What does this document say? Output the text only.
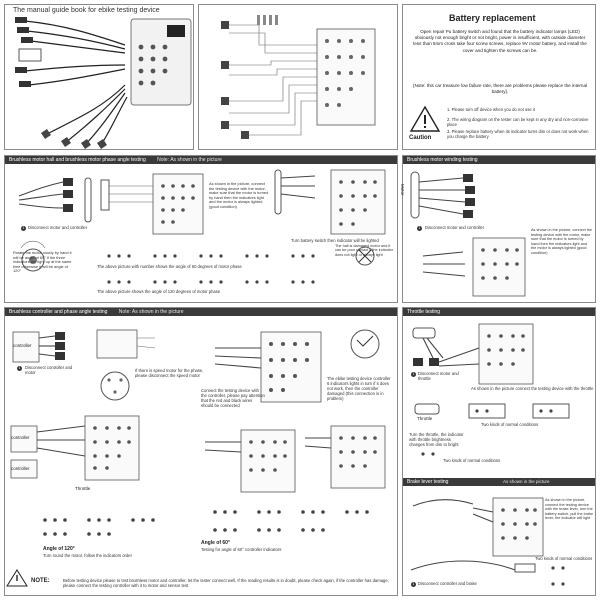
The manual guide book for ebike testing device
Battery replacement
Open repair Pu battery switch and found that the battery indicator lamps (LED) obviously not enough bright or not bright, power is insufficient, with outside diameter less than 5mm cross take four screw screws, replace 9V motor battery, and install the cover and tighten the screws can be.
(Note: this car treasure low failure rate, there are problems please replace the internal battery).
1. Please turn off device when you do not use it
2. The wiring diagram on the tester can be kept in any dry and non-corrosive place
3. Please replace battery when its indicator turns dim or does not work when you charge the battery
Caution
Brushless motor hall and brushless motor phase angle testing Note: As shown in the picture
1 Disconnect motor and controller
Rotate the motor slowly by hand it will be angle of 60° if the three indicators are light up at the same time otherwise it will be angle of 120°
As shown in the picture, connect the testing device with the motor, make sure that the motor is turned by hand then the indicators light and the motor is always lighted (good condition)
Turn battery switch then indicator will be lighted
The hall is damaged motor and it can be poor contact if the indicator does not light or always light
The above picture with number shows the angle of 60 degrees of motor phase
The above picture shows the angle of 120 degrees of motor phase
Brushless motor winding testing
Motor
1	Disconnect motor and controller	As shown in the picture, connect the testing device with the motor, make sure that the motor is turned by hand then the indicators light and the motor is always lighted (good condition)
Brushless controller and phase angle testing Note: As shown in the picture
controller
controller
controller
Throttle
1	Disconnect controller and motor	If there is speed motor for the phase, please disconnect the speed motor
Connect the testing device with the controller, please pay attention that the red and black wires should be connected
The ebike testing device controller 6 indicators lights in turn if it does not work, then the controller damaged (this connection is in problem)
Angle of 120°
Turn round the motor, follow the indicators order
Angle of 60°
Testing for angle of 60° controller indicators
NOTE:	Before testing device please to test brushless motor and controller, let the tester connect well, If the reading results is in doubt, please check again, if the controller has damage, please connect the testing controller with it to motor and sensor test
Throttle testing
1 Disconnect motor and throttle
As shown in the picture connect the testing device with the throttle
Throttle
Two kinds of normal conditions
Turn the throttle, the indicator with throttle brightness changes from dim to bright
Two kinds of normal conditions
Brake lever testing	As shown in the picture
As shown in the picture, connect the testing device with the brake lever, turn the battery switch, pull the brake lever, the indicator will light
Two kinds of normal conditions
1 Disconnect controller and brake
